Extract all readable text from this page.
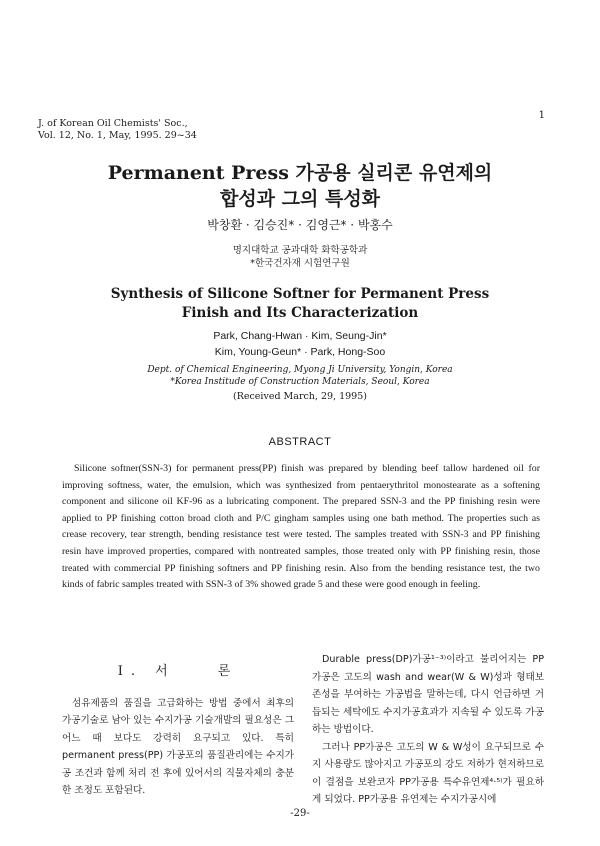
J. of Korean Oil Chemists' Soc.,
Vol. 12, No. 1, May, 1995. 29~34
1
Permanent Press 가공용 실리콘 유연제의
합성과 그의 특성화
박창환 · 김승진* · 김영근* · 박홍수
명지대학교 공과대학 화학공학과
*한국건자재 시험연구원
Synthesis of Silicone Softner for Permanent Press
Finish and Its Characterization
Park, Chang-Hwan · Kim, Seung-Jin*
Kim, Young-Geun* · Park, Hong-Soo
Dept. of Chemical Engineering, Myong Ji University, Yongin, Korea
*Korea Institude of Construction Materials, Seoul, Korea
(Received March, 29, 1995)
ABSTRACT

Silicone softner(SSN-3) for permanent press(PP) finish was prepared by blending beef tallow hardened oil for improving softness, water, the emulsion, which was synthesized from pentaerythritol monostearate as a softening component and silicone oil KF-96 as a lubricating component. The prepared SSN-3 and the PP finishing resin were applied to PP finishing cotton broad cloth and P/C gingham samples using one bath method. The properties such as crease recovery, tear strength, bending resistance test were tested. The samples treated with SSN-3 and PP finishing resin have improved properties, compared with nontreated samples, those treated only with PP finishing resin, those treated with commercial PP finishing softners and PP finishing resin. Also from the bending resistance test, the two kinds of fabric samples treated with SSN-3 of 3% showed grade 5 and these were good enough in feeling.

I. 서　　론

섬유제품의 품질을 고급화하는 방법 중에서 최후의 가공기술로 남아 있는 수지가공 기술개발의 필요성은 그 어느 때 보다도 강력히 요구되고 있다. 특히 permanent press(PP) 가공포의 품질관리에는 수지가공 조건과 함께 처리 전 후에 있어서의 직물자체의 충분한 조정도 포함된다.

Durable press(DP)가공¹⁻³⁾이라고 불리어지는 PP 가공은 고도의 wash and wear(W & W)성과 형태보존성을 부여하는 가공법을 말하는데, 다시 언급하면 거듭되는 세탁에도 수지가공효과가 지속될 수 있도록 가공하는 방법이다.

그러나 PP가공은 고도의 W & W성이 요구되므로 수지 사용량도 많아지고 가공포의 강도 저하가 현저하므로 이 결점을 보완코자 PP가공용 특수유연제⁴·⁵⁾가 필요하게 되었다. PP가공용 유연제는 수지가공시에

-29-
